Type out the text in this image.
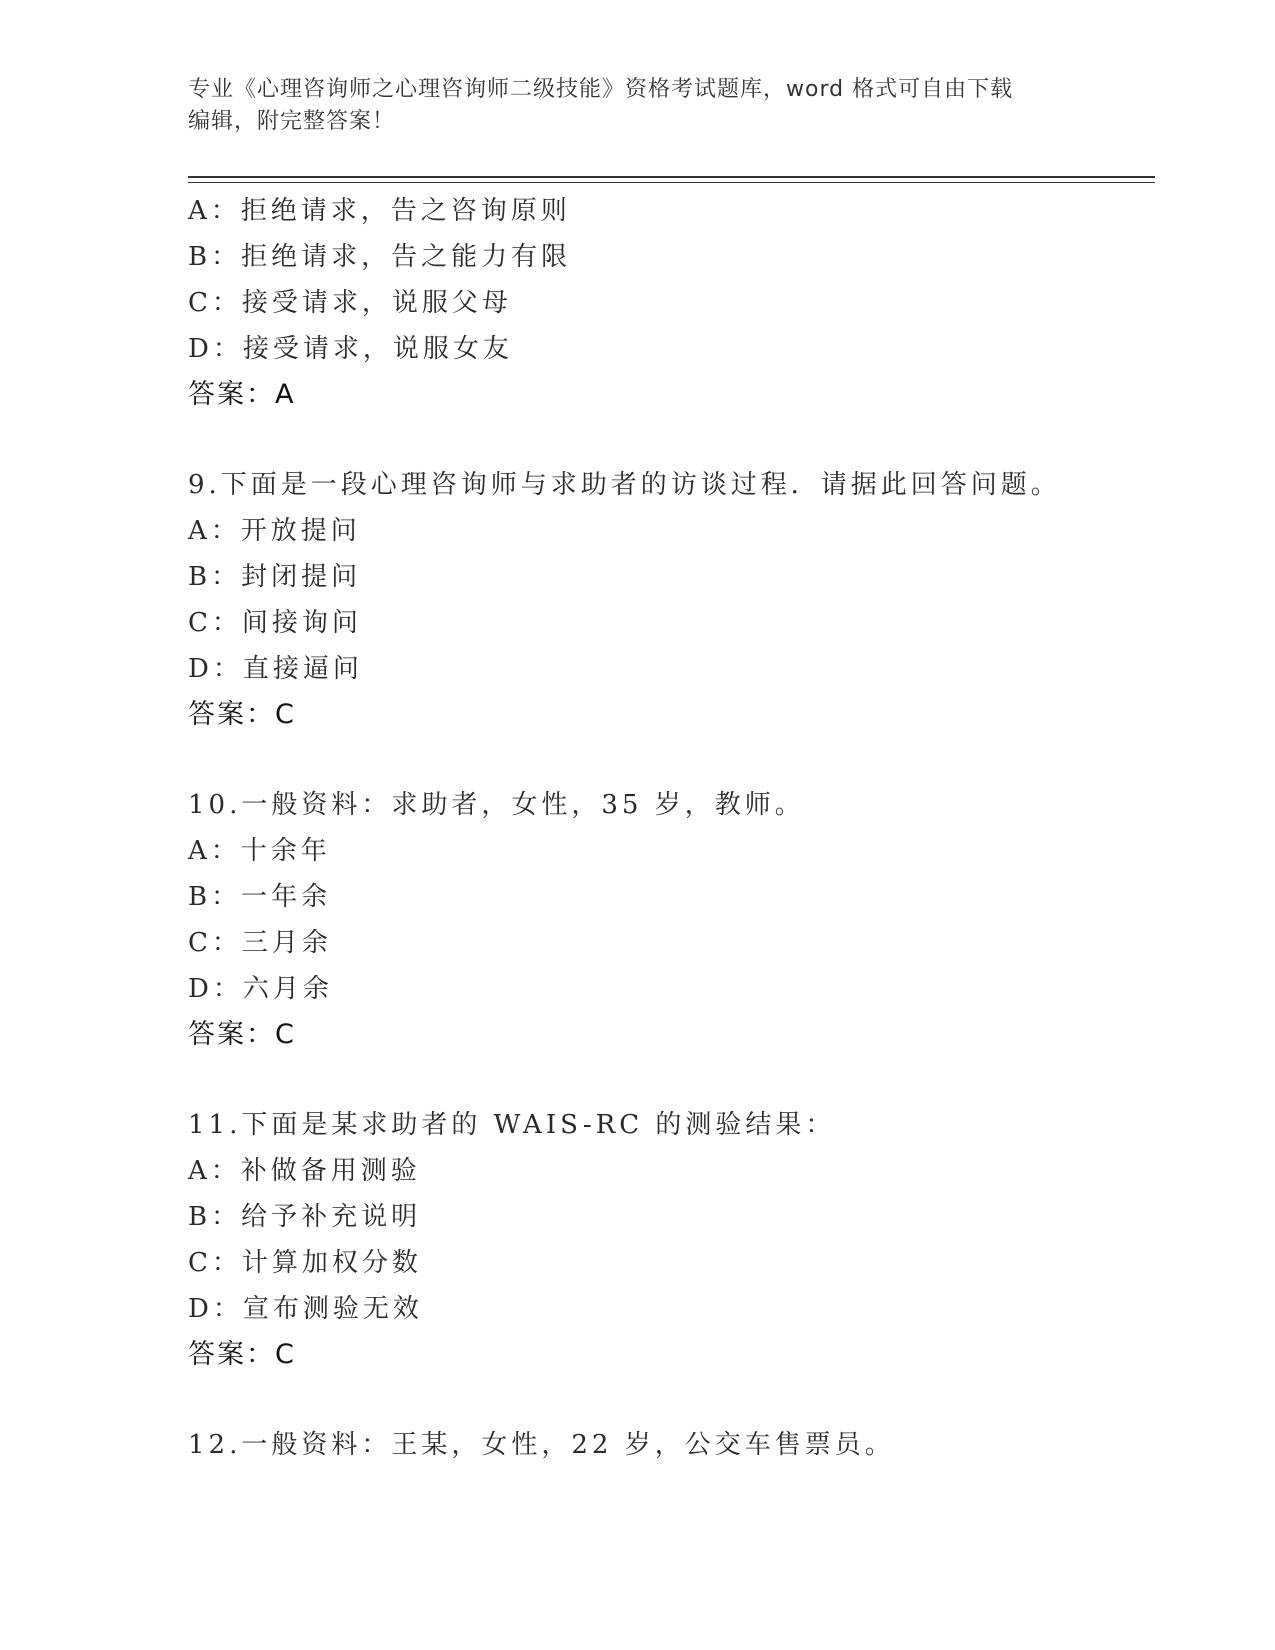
专业《心理咨询师之心理咨询师二级技能》资格考试题库，word 格式可自由下载
编辑，附完整答案！
A：拒绝请求，告之咨询原则
B：拒绝请求，告之能力有限
C：接受请求，说服父母
D：接受请求，说服女友
答案：A
9.下面是一段心理咨询师与求助者的访谈过程．请据此回答问题。
A：开放提问
B：封闭提问
C：间接询问
D：直接逼问
答案：C
10.一般资料：求助者，女性，35 岁，教师。
A：十余年
B：一年余
C：三月余
D：六月余
答案：C
11.下面是某求助者的 WAIS-RC 的测验结果：
A：补做备用测验
B：给予补充说明
C：计算加权分数
D：宣布测验无效
答案：C
12.一般资料：王某，女性，22 岁，公交车售票员。
